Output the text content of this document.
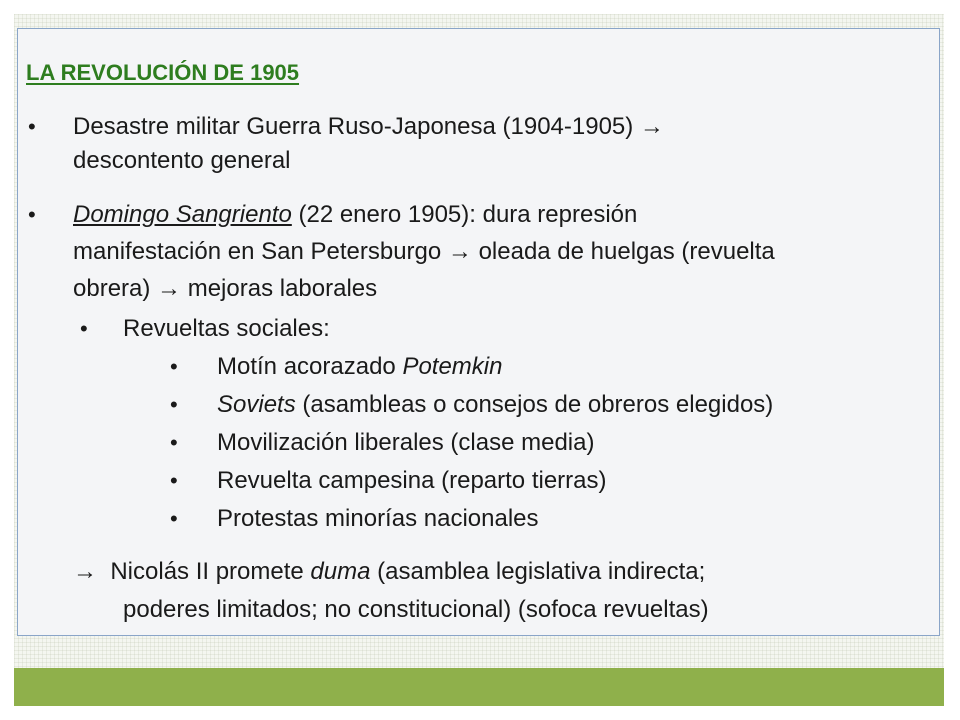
LA REVOLUCIÓN DE 1905
• Desastre militar Guerra Ruso-Japonesa (1904-1905) →
descontento general
• Domingo Sangriento (22 enero 1905): dura represión
manifestación en San Petersburgo → oleada de huelgas (revuelta
obrera) → mejoras laborales
• Revueltas sociales:
• Motín acorazado Potemkin
• Soviets (asambleas o consejos de obreros elegidos)
• Movilización liberales (clase media)
• Revuelta campesina (reparto tierras)
• Protestas minorías nacionales
→ Nicolás II promete duma (asamblea legislativa indirecta;
poderes limitados; no constitucional) (sofoca revueltas)
